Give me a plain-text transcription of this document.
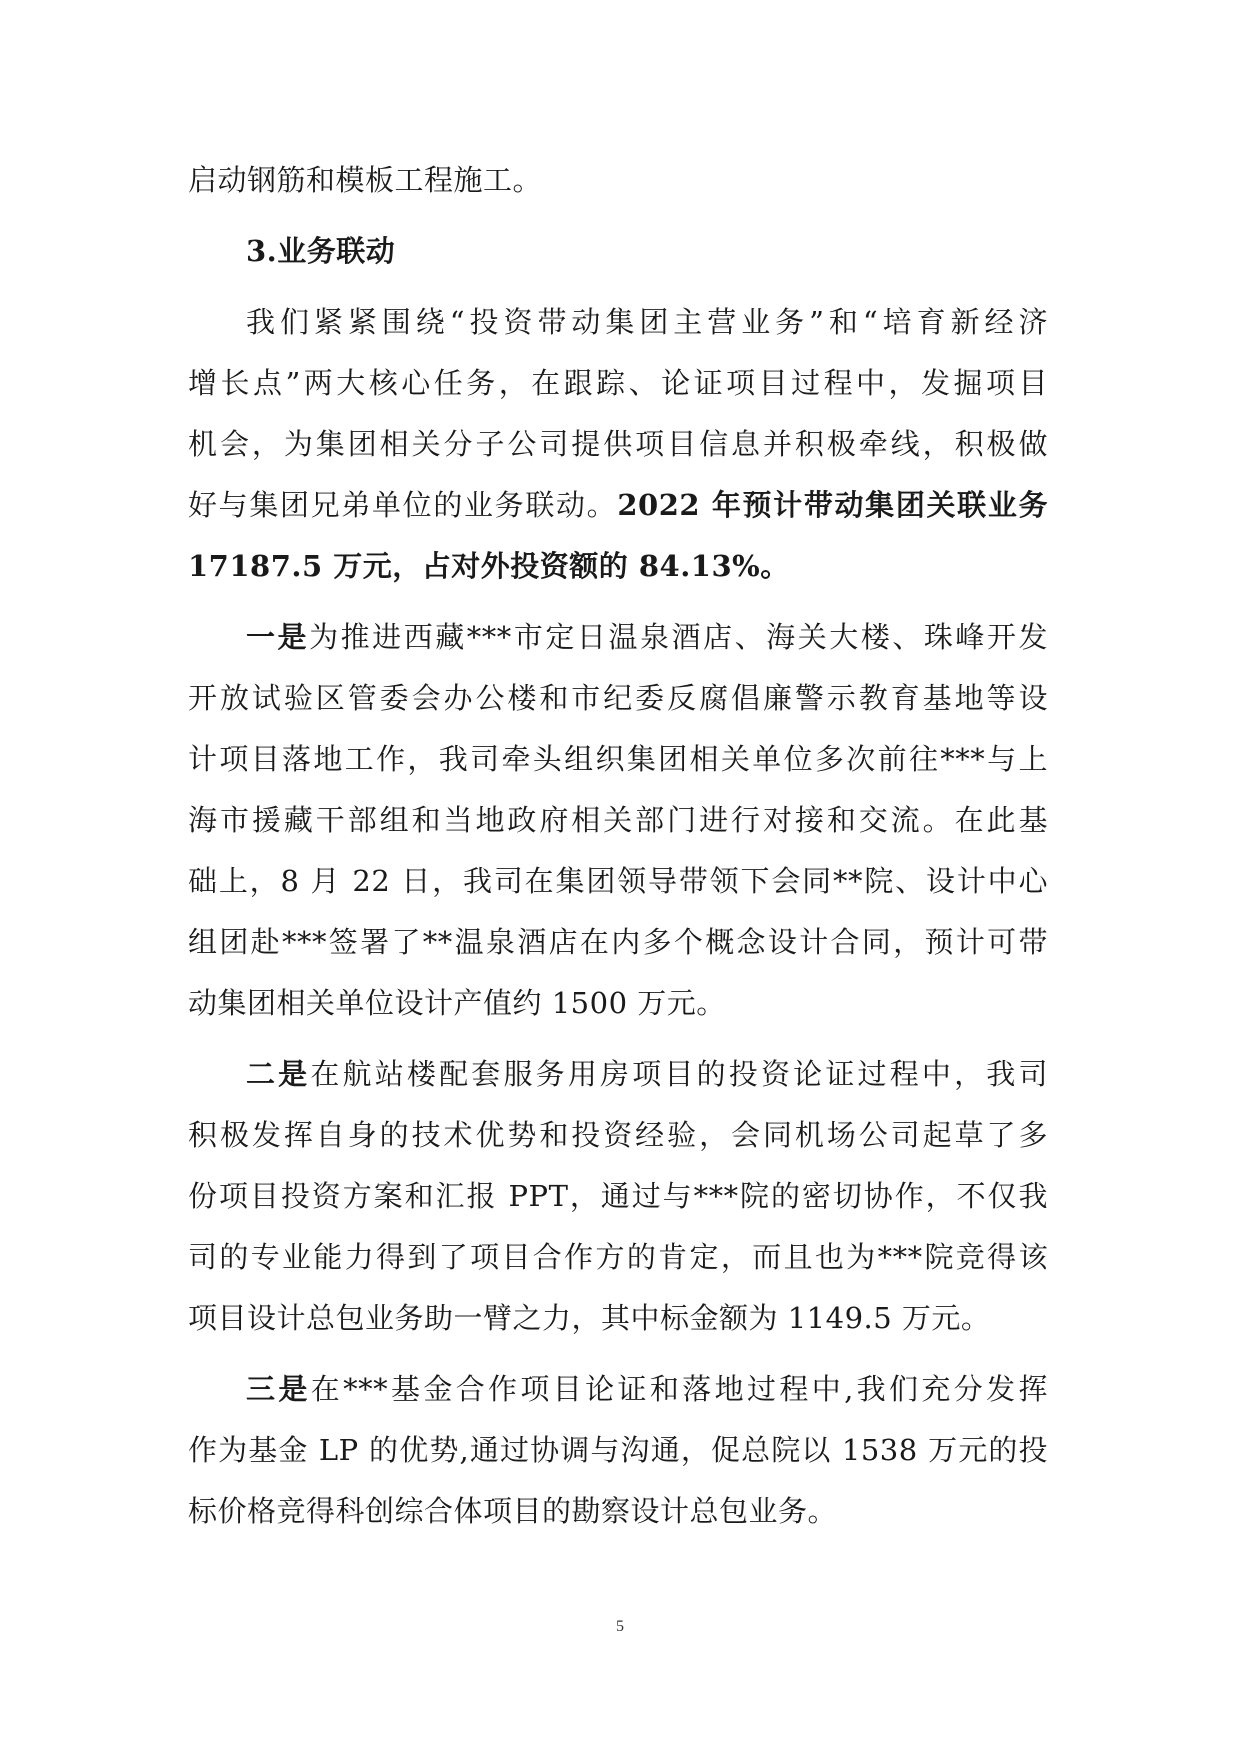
启动钢筋和模板工程施工。
3.业务联动
我们紧紧围绕“投资带动集团主营业务”和“培育新经济
增长点”两大核心任务，在跟踪、论证项目过程中，发掘项目
机会，为集团相关分子公司提供项目信息并积极牵线，积极做
好与集团兄弟单位的业务联动。2022 年预计带动集团关联业务
17187.5 万元，占对外投资额的 84.13%。
一是为推进西藏***市定日温泉酒店、海关大楼、珠峰开发
开放试验区管委会办公楼和市纪委反腐倡廉警示教育基地等设
计项目落地工作，我司牵头组织集团相关单位多次前往***与上
海市援藏干部组和当地政府相关部门进行对接和交流。在此基
础上，8 月 22 日，我司在集团领导带领下会同**院、设计中心
组团赴***签署了**温泉酒店在内多个概念设计合同，预计可带
动集团相关单位设计产值约 1500 万元。
二是在航站楼配套服务用房项目的投资论证过程中，我司
积极发挥自身的技术优势和投资经验，会同机场公司起草了多
份项目投资方案和汇报 PPT，通过与***院的密切协作，不仅我
司的专业能力得到了项目合作方的肯定，而且也为***院竞得该
项目设计总包业务助一臂之力，其中标金额为 1149.5 万元。
三是在***基金合作项目论证和落地过程中,我们充分发挥
作为基金 LP 的优势,通过协调与沟通，促总院以 1538 万元的投
标价格竞得科创综合体项目的勘察设计总包业务。
5
